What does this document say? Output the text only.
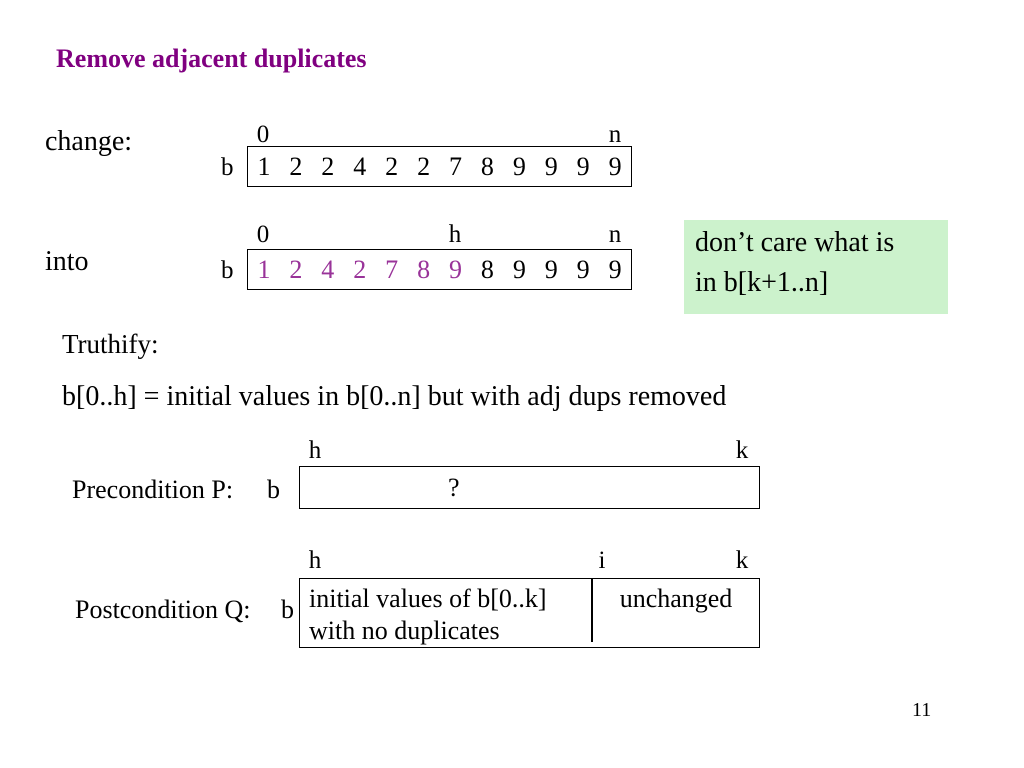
Remove adjacent duplicates
change:	0	n
b 1 2 2 4 2 2 7 8 9 9 9 9
into
0	h	n
b 1 2 4 2 7 8 9 8 9 9 9 9
don’t care what is
in b[k+1..n]
Truthify:
b[0..h] = initial values in b[0..n] but with adj dups removed
h	k
Precondition P: b	?
h	i	k
Postcondition Q: b initial values of b[0..k]
with no duplicates
unchanged
11
